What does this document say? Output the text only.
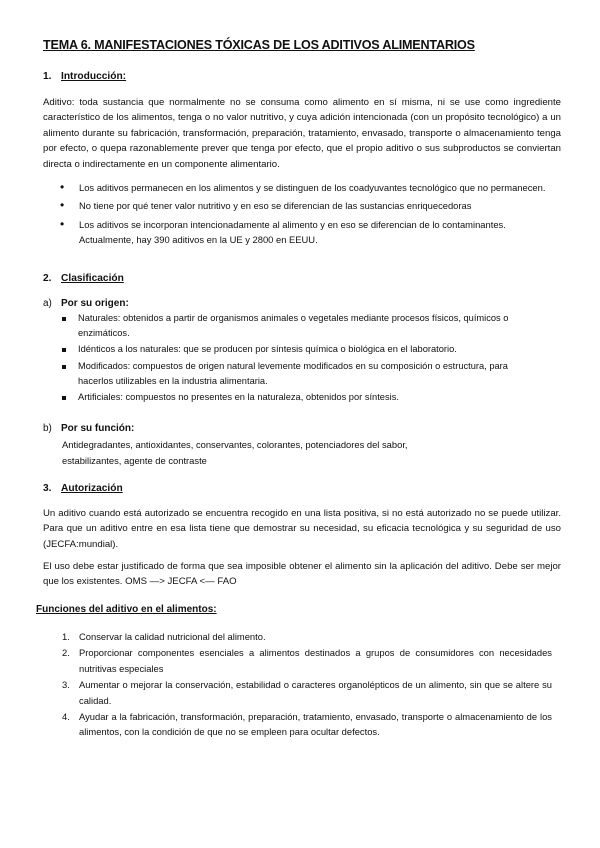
TEMA 6. MANIFESTACIONES TÓXICAS DE LOS ADITIVOS ALIMENTARIOS
1. Introducción:
Aditivo: toda sustancia que normalmente no se consuma como alimento en sí misma, ni se use como ingrediente característico de los alimentos, tenga o no valor nutritivo, y cuya adición intencionada (con un propósito tecnológico) a un alimento durante su fabricación, transformación, preparación, tratamiento, envasado, transporte o almacenamiento tenga por efecto, o quepa razonablemente prever que tenga por efecto, que el propio aditivo o sus subproductos se conviertan directa o indirectamente en un componente alimentario.
• Los aditivos permanecen en los alimentos y se distinguen de los coadyuvantes tecnológico que no permanecen.
• No tiene por qué tener valor nutritivo y en eso se diferencian de las sustancias enriquecedoras
• Los aditivos se incorporan intencionadamente al alimento y en eso se diferencian de lo contaminantes. Actualmente, hay 390 aditivos en la UE y 2800 en EEUU.
2. Clasificación
a) Por su origen:
Naturales: obtenidos a partir de organismos animales o vegetales mediante procesos físicos, químicos o enzimáticos.
Idénticos a los naturales: que se producen por síntesis química o biológica en el laboratorio.
Modificados: compuestos de origen natural levemente modificados en su composición o estructura, para hacerlos utilizables en la industria alimentaria.
Artificiales: compuestos no presentes en la naturaleza, obtenidos por síntesis.
b) Por su función:
Antidegradantes, antioxidantes, conservantes, colorantes, potenciadores del sabor, estabilizantes, agente de contraste
3. Autorización
Un aditivo cuando está autorizado se encuentra recogido en una lista positiva, si no está autorizado no se puede utilizar. Para que un aditivo entre en esa lista tiene que demostrar su necesidad, su eficacia tecnológica y su seguridad de uso (JECFA:mundial).
El uso debe estar justificado de forma que sea imposible obtener el alimento sin la aplicación del aditivo. Debe ser mejor que los existentes. OMS —> JECFA <— FAO
Funciones del aditivo en el alimentos:
1. Conservar la calidad nutricional del alimento.
2. Proporcionar componentes esenciales a alimentos destinados a grupos de consumidores con necesidades nutritivas especiales
3. Aumentar o mejorar la conservación, estabilidad o caracteres organolépticos de un alimento, sin que se altere su calidad.
4. Ayudar a la fabricación, transformación, preparación, tratamiento, envasado, transporte o almacenamiento de los alimentos, con la condición de que no se empleen para ocultar defectos.
